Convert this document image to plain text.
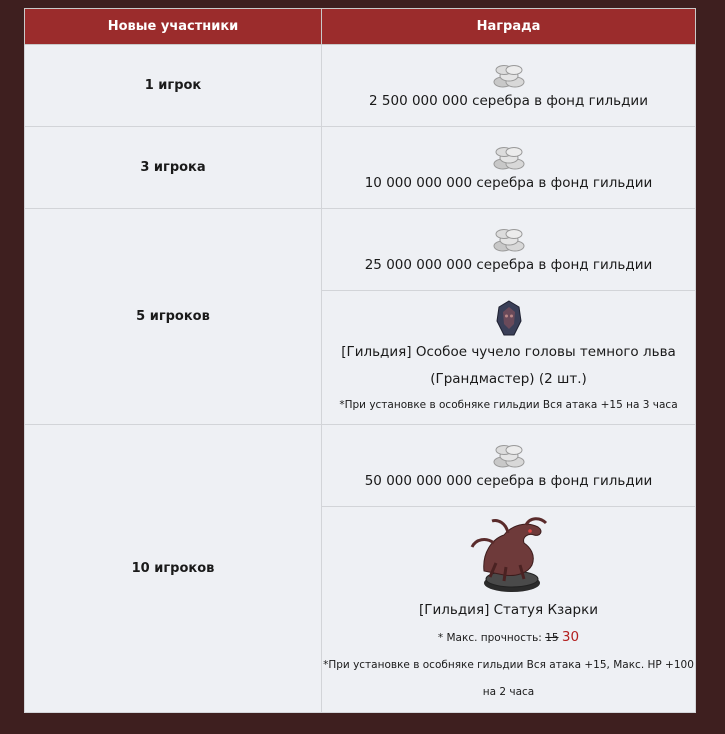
Новые участники	Награда
1 игрок	2 500 000 000 серебра в фонд гильдии

3 игрока	10 000 000 000 серебра в фонд гильдии

5 игроков	25 000 000 000 серебра в фонд гильдии

	[Гильдия] Особое чучело головы темного льва
(Грандмастер) (2 шт.)
*При установке в особняке гильдии Вся атака +15 на 3 часа

10 игроков	50 000 000 000 серебра в фонд гильдии

	[Гильдия] Статуя Кзарки
* Макс. прочность: 15 30
*При установке в особняке гильдии Вся атака +15, Макс. HP +100
на 2 часа
